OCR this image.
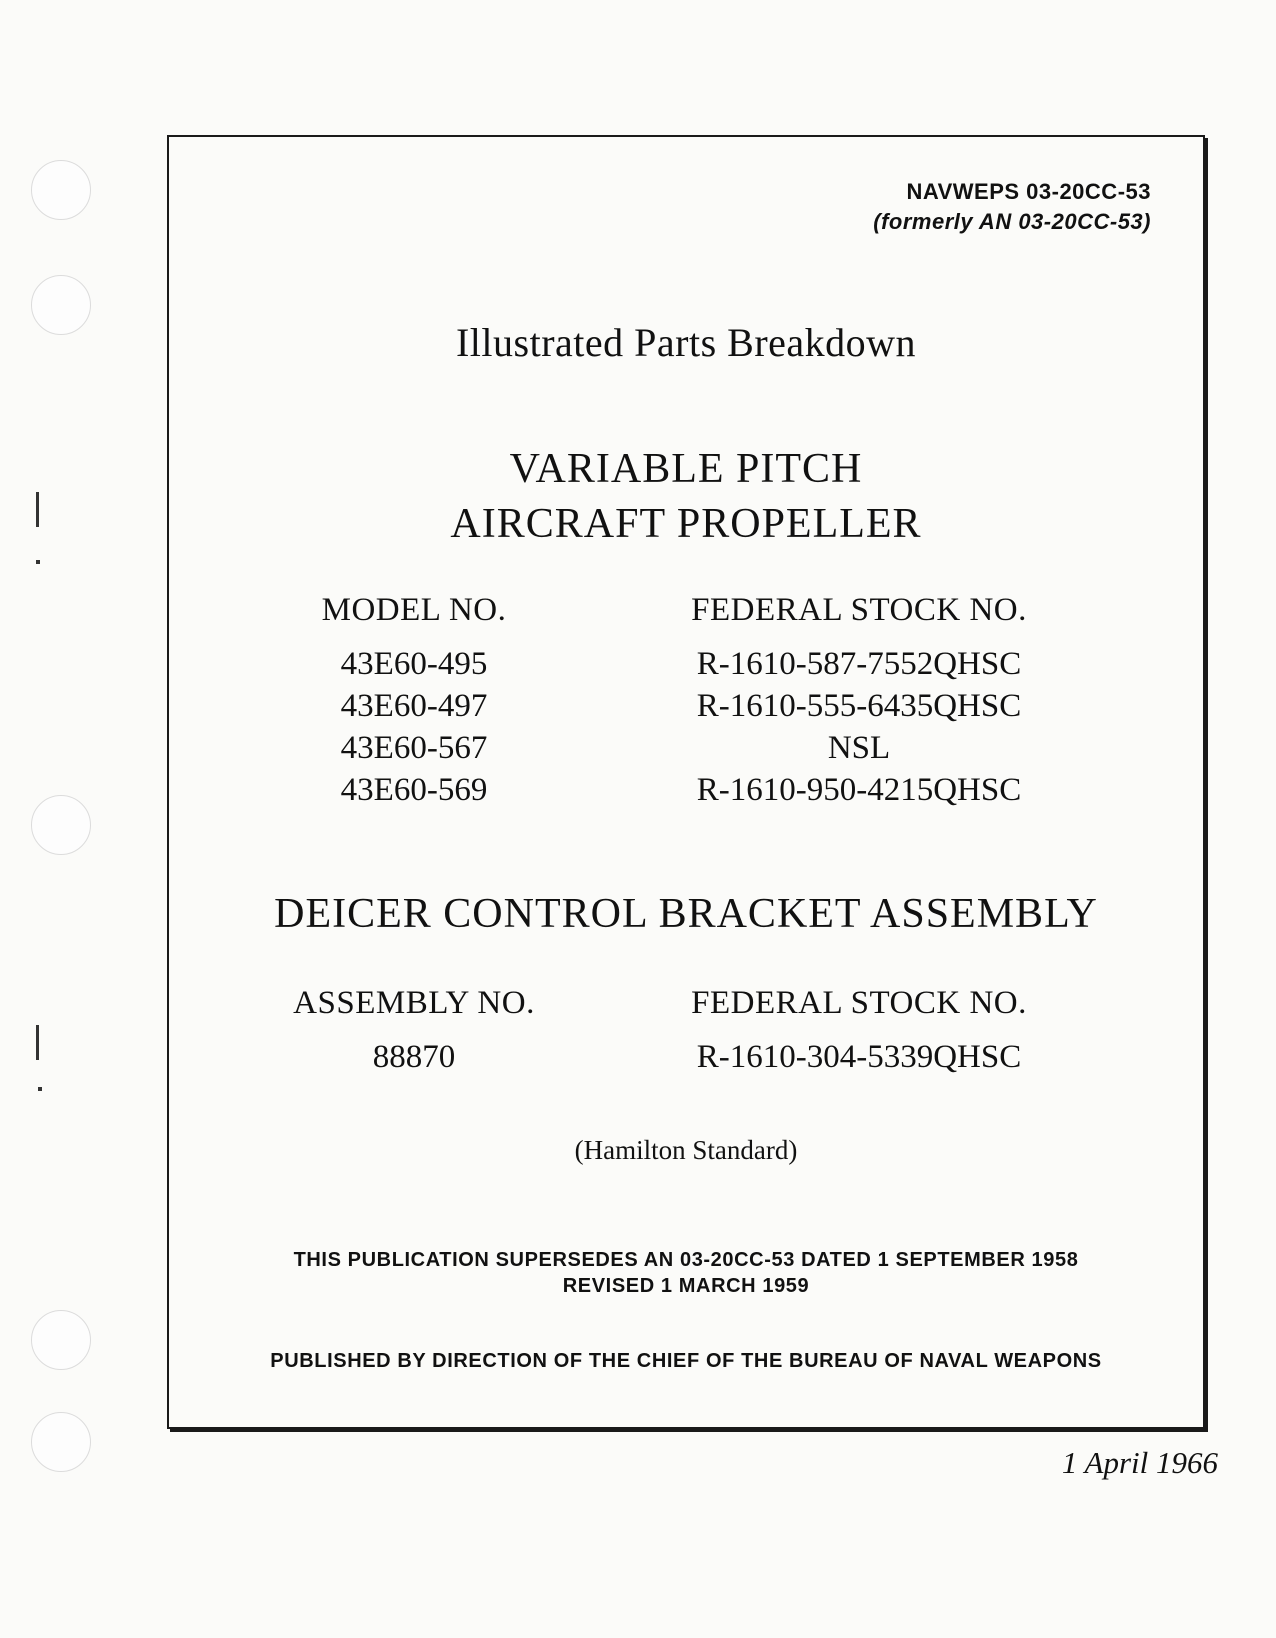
NAVWEPS 03-20CC-53
(formerly AN 03-20CC-53)
Illustrated Parts Breakdown
VARIABLE PITCH
AIRCRAFT PROPELLER
MODEL NO.
43E60-495
43E60-497
43E60-567
43E60-569
FEDERAL STOCK NO.
R-1610-587-7552QHSC
R-1610-555-6435QHSC
NSL
R-1610-950-4215QHSC
DEICER CONTROL BRACKET ASSEMBLY
ASSEMBLY NO.
88870
FEDERAL STOCK NO.
R-1610-304-5339QHSC
(Hamilton Standard)
THIS PUBLICATION SUPERSEDES AN 03-20CC-53 DATED 1 SEPTEMBER 1958
REVISED 1 MARCH 1959
PUBLISHED BY DIRECTION OF THE CHIEF OF THE BUREAU OF NAVAL WEAPONS
1 April 1966
